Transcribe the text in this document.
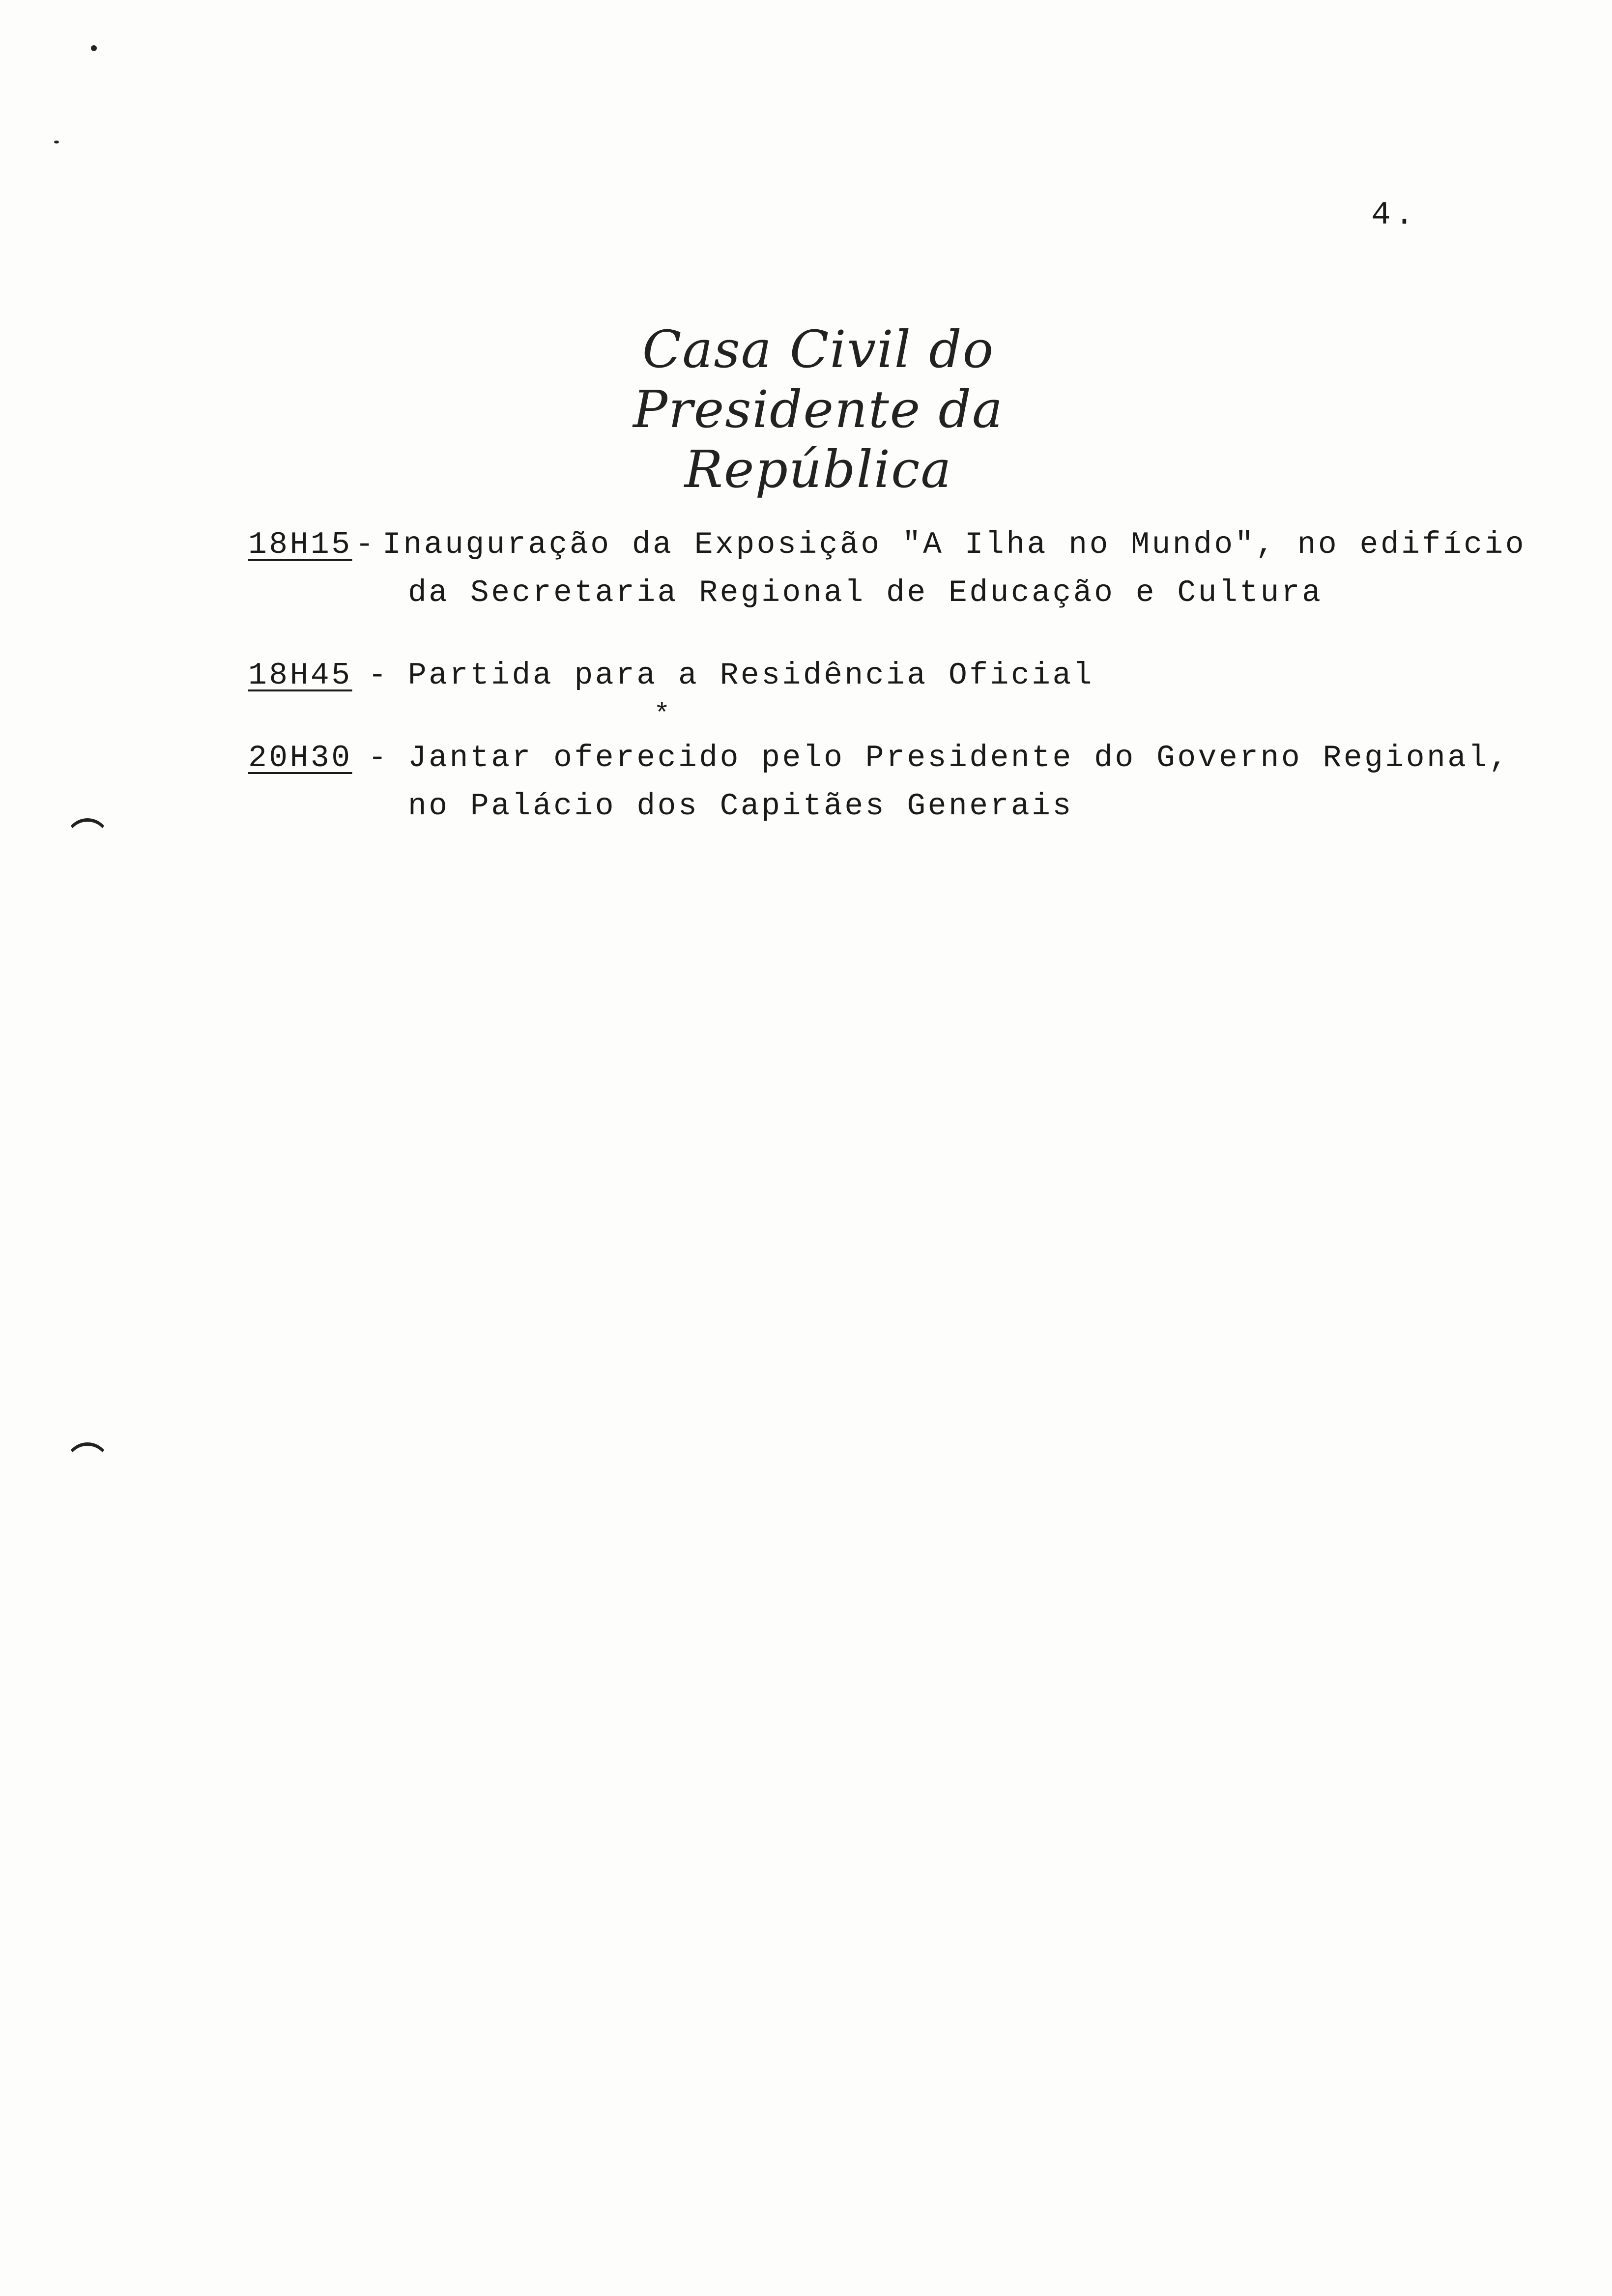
4.
Casa Civil do Presidente da República
18H15 - Inauguração da Exposição "A Ilha no Mundo", no edifício
da Secretaria Regional de Educação e Cultura
18H45 - Partida para a Residência Oficial
*
20H30 - Jantar oferecido pelo Presidente do Governo Regional,
no Palácio dos Capitães Generais
